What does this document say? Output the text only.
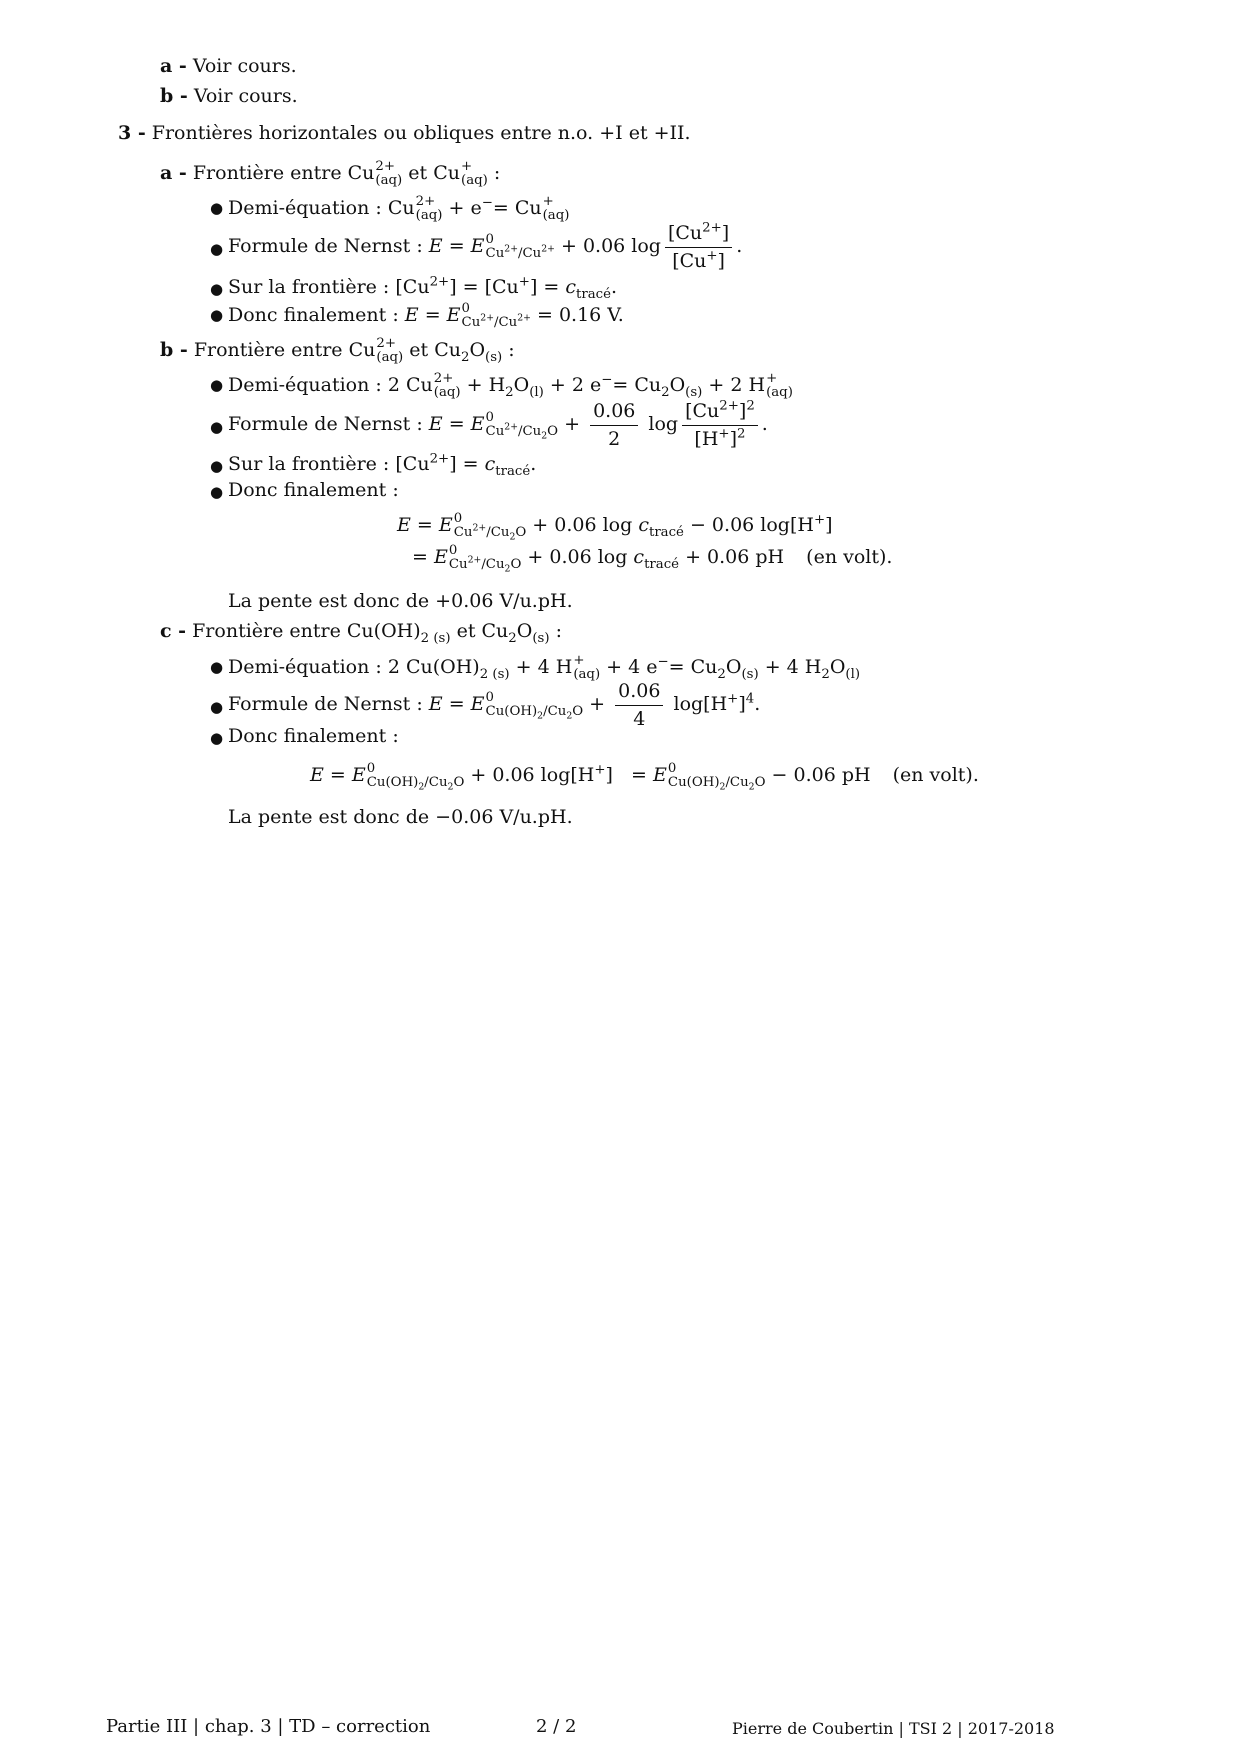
a - Voir cours.
b - Voir cours.
3 - Frontières horizontales ou obliques entre n.o. +I et +II.
a - Frontière entre Cu 2+
(aq) et Cu +
(aq) :
● Demi-équation : Cu 2+
(aq) + e−= Cu +
(aq)
● Formule de Nernst : E = E 0
$Cu^{2+}/Cu^{2+} + 0.06$ $\log \frac{[Cu^{2+}]}{[Cu^+]}$ .
● Sur la frontière : $[Cu^{2+}] = [Cu^+] = c_{tracé}$.
● Donc finalement : E = E 0
$Cu^{2+}/Cu^{2+} = 0.16$ V.
b - Frontière entre Cu 2+
(aq) et $Cu_2O_{(s)}$ :
● Demi-équation : 2 Cu 2+
$(aq) + H_2O_{(l)} + 2$ $e^-= Cu_2O_{(s)} + 2$ H +
(aq)
● Formule de Nernst : E = E 0
$Cu^{2+}/Cu_2O + \frac{0.06}{2}$ $\log \frac{[Cu^{2+}]^2}{[H^+]^2}$ .
● Sur la frontière : $[Cu^{2+}] = c_{tracé}$.
● Donc finalement :
E = E 0
$Cu^{2+}/Cu_2O + 0.06$ $\log c_{tracé} - 0.06$ log[H+]
= E 0
$Cu^{2+}/Cu_2O + 0.06$ $\log c_{tracé} + 0.06$ pH (en volt).
La pente est donc de +0.06 V/u.pH.
c - Frontière entre $Cu(OH)_{2 (s)}$ et $Cu_2O_{(s)}$ :
● Demi-équation : 2 $Cu(OH)_{2 (s)} + 4$ H +
(aq) + 4 $e^-= Cu_2O_{(s)} + 4$ $H_2O_{(l)}$
● Formule de Nernst : E = E 0
$Cu(OH)_2/Cu_2O + \frac{0.06}{4} \log[H^+]^4$.
● Donc finalement :
E = E 0
$Cu(OH)_2/Cu_2O + 0.06$ log[H+]   = E 0
$Cu(OH)_2/Cu_2O - 0.06$ pH (en volt).
La pente est donc de −0.06 V/u.pH.
Partie III | chap. 3 | TD – correction	2 / 2	Pierre de Coubertin | TSI 2 | 2017-2018
